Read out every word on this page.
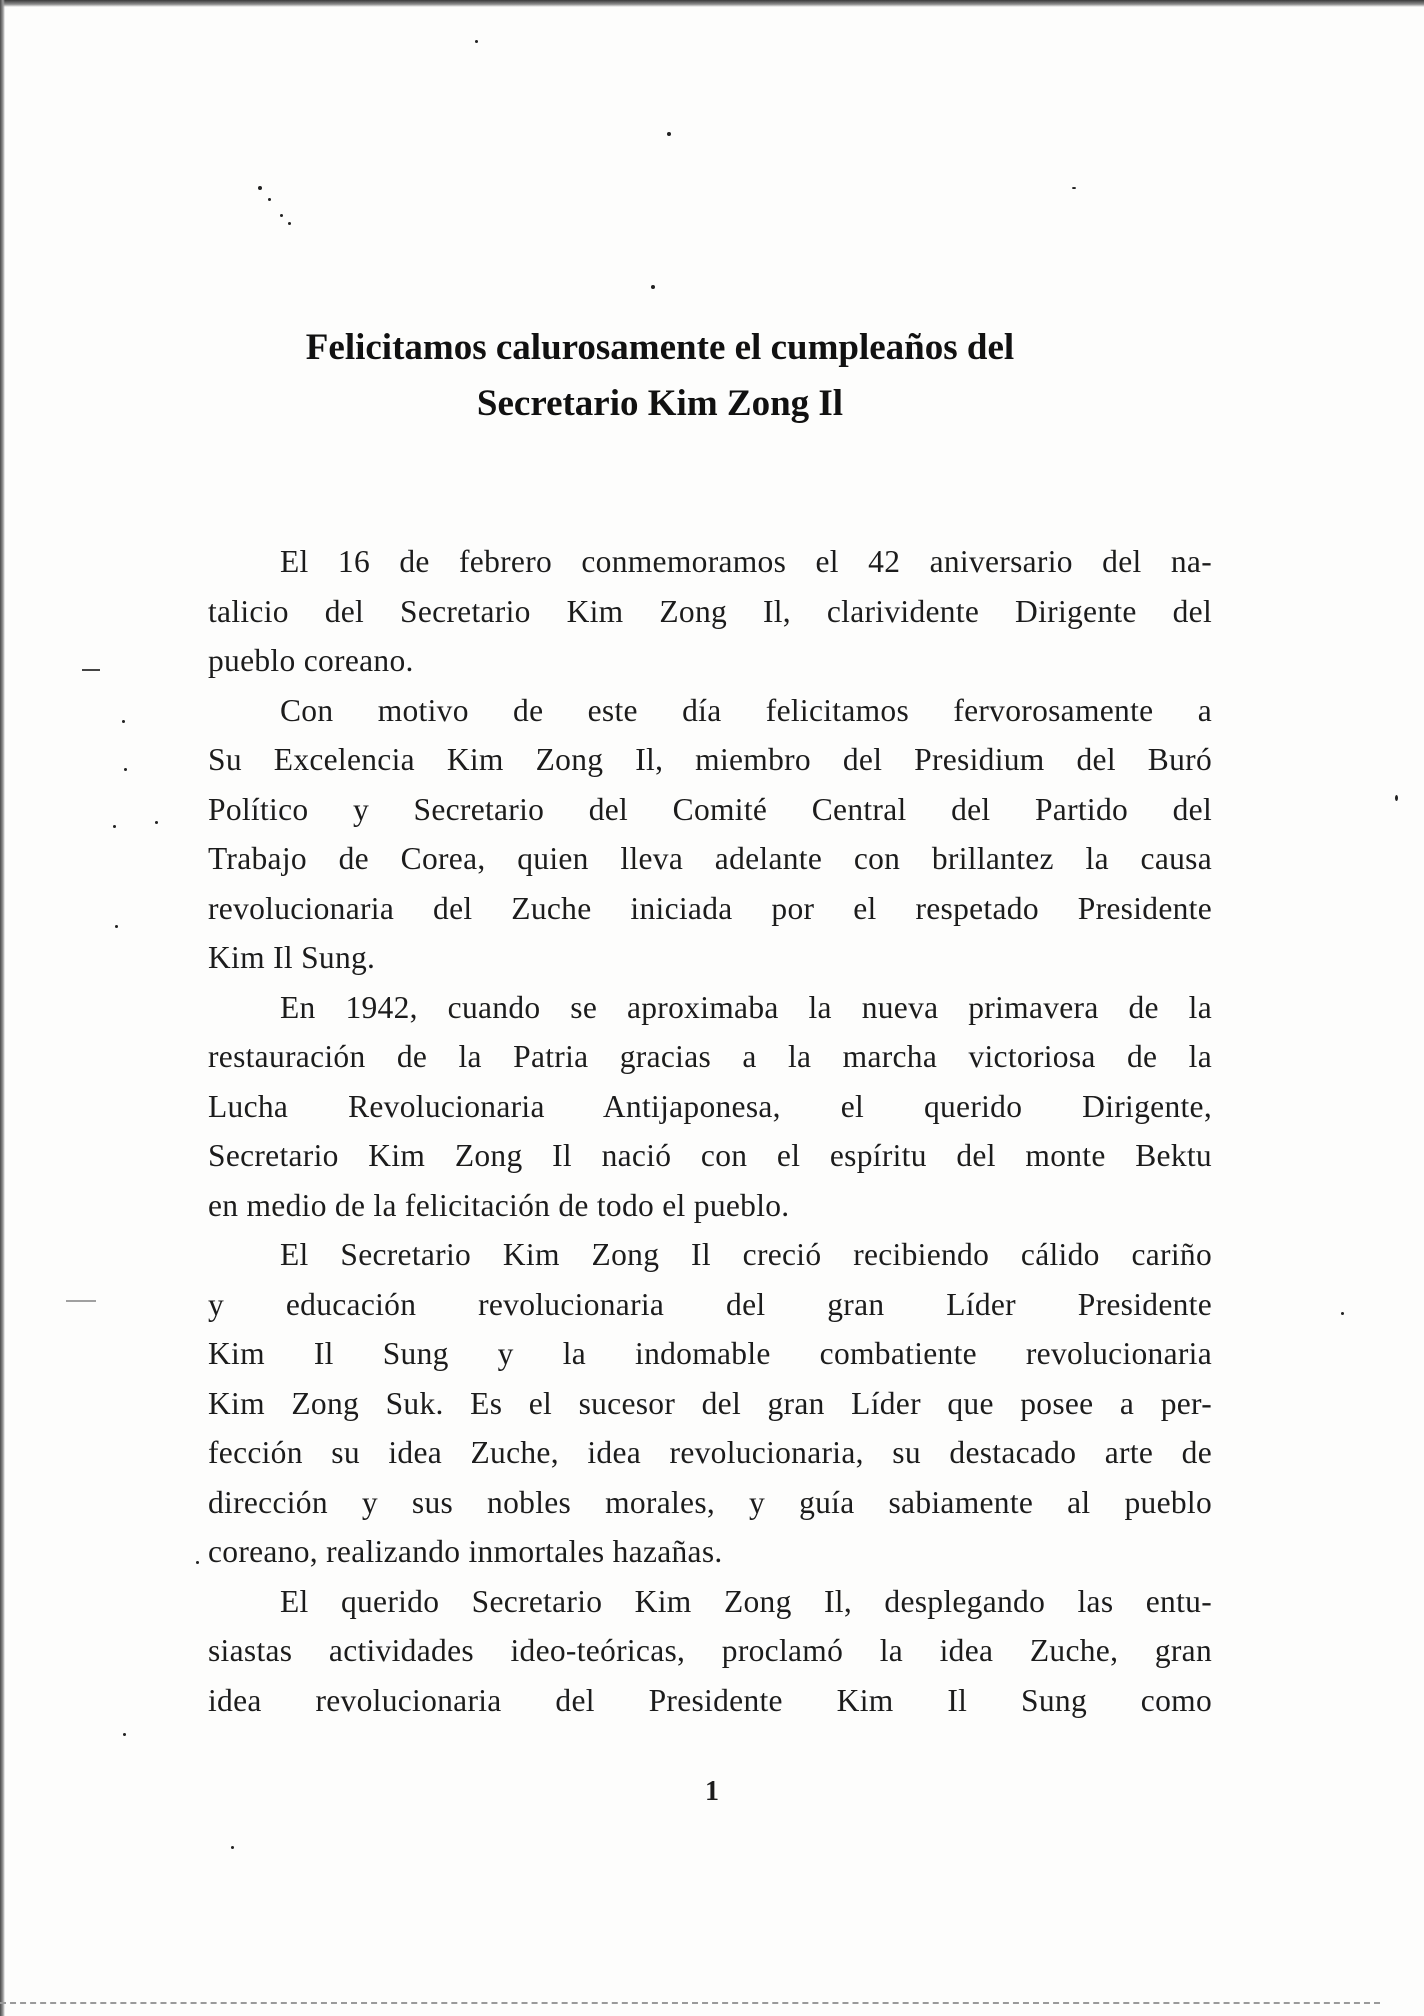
Felicitamos calurosamente el cumpleaños del
Secretario Kim Zong Il
El 16 de febrero conmemoramos el 42 aniversario del na-
talicio del Secretario Kim Zong Il, clarividente Dirigente del
pueblo coreano.
Con motivo de este día felicitamos fervorosamente a
Su Excelencia Kim Zong Il, miembro del Presidium del Buró
Político y Secretario del Comité Central del Partido del
Trabajo de Corea, quien lleva adelante con brillantez la causa
revolucionaria del Zuche iniciada por el respetado Presidente
Kim Il Sung.
En 1942, cuando se aproximaba la nueva primavera de la
restauración de la Patria gracias a la marcha victoriosa de la
Lucha Revolucionaria Antijaponesa, el querido Dirigente,
Secretario Kim Zong Il nació con el espíritu del monte Bektu
en medio de la felicitación de todo el pueblo.
El Secretario Kim Zong Il creció recibiendo cálido cariño
y educación revolucionaria del gran Líder Presidente
Kim Il Sung y la indomable combatiente revolucionaria
Kim Zong Suk. Es el sucesor del gran Líder que posee a per-
fección su idea Zuche, idea revolucionaria, su destacado arte de
dirección y sus nobles morales, y guía sabiamente al pueblo
coreano, realizando inmortales hazañas.
El querido Secretario Kim Zong Il, desplegando las entu-
siastas actividades ideo-teóricas, proclamó la idea Zuche, gran
idea revolucionaria del Presidente Kim Il Sung como
1
